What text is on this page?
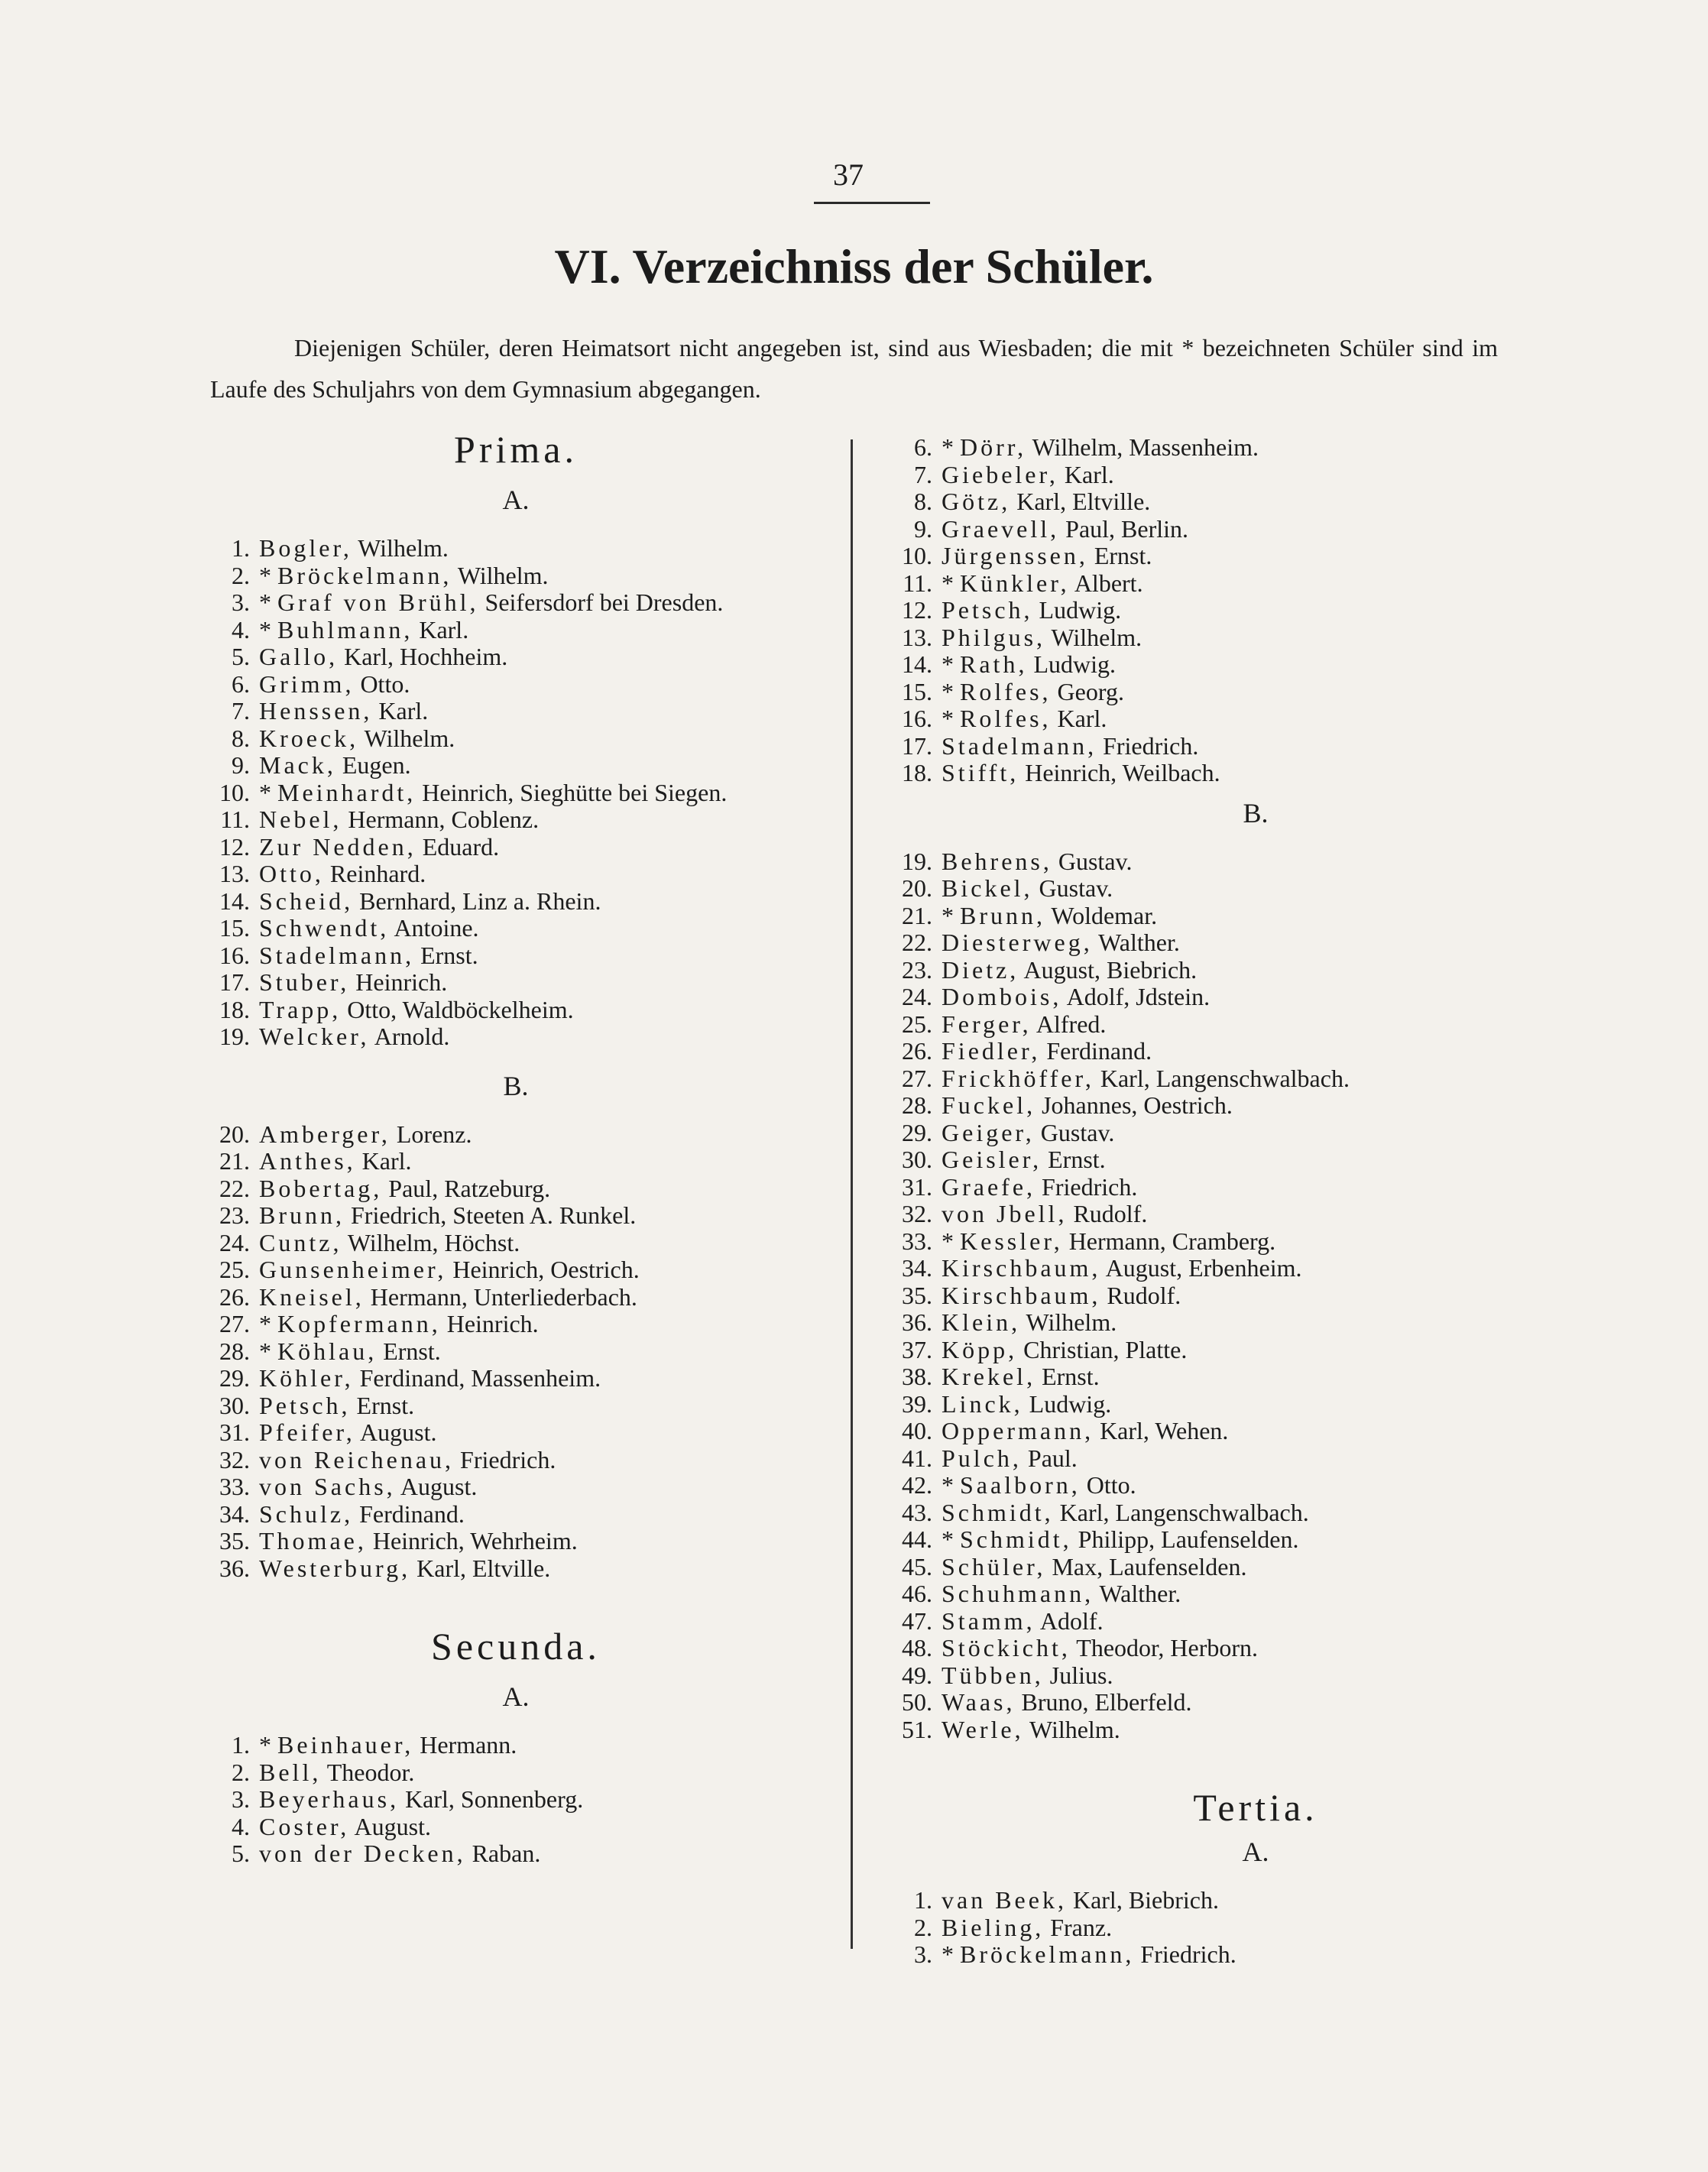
37
VI. Verzeichniss der Schüler.
Diejenigen Schüler, deren Heimatsort nicht angegeben ist, sind aus Wiesbaden; die mit * bezeichneten Schüler sind im Laufe des Schuljahrs von dem Gymnasium abgegangen.
Prima.
A.
1. Bogler, Wilhelm.
2. * Bröckelmann, Wilhelm.
3. * Graf von Brühl, Seifersdorf bei Dresden.
4. * Buhlmann, Karl.
5. Gallo, Karl, Hochheim.
6. Grimm, Otto.
7. Henssen, Karl.
8. Kroeck, Wilhelm.
9. Mack, Eugen.
10. * Meinhardt, Heinrich, Sieghütte bei Siegen.
11. Nebel, Hermann, Coblenz.
12. Zur Nedden, Eduard.
13. Otto, Reinhard.
14. Scheid, Bernhard, Linz a. Rhein.
15. Schwendt, Antoine.
16. Stadelmann, Ernst.
17. Stuber, Heinrich.
18. Trapp, Otto, Waldböckelheim.
19. Welcker, Arnold.
B.
20. Amberger, Lorenz.
21. Anthes, Karl.
22. Bobertag, Paul, Ratzeburg.
23. Brunn, Friedrich, Steeten A. Runkel.
24. Cuntz, Wilhelm, Höchst.
25. Gunsenheimer, Heinrich, Oestrich.
26. Kneisel, Hermann, Unterliederbach.
27. * Kopfermann, Heinrich.
28. * Köhlau, Ernst.
29. Köhler, Ferdinand, Massenheim.
30. Petsch, Ernst.
31. Pfeifer, August.
32. von Reichenau, Friedrich.
33. von Sachs, August.
34. Schulz, Ferdinand.
35. Thomae, Heinrich, Wehrheim.
36. Westerburg, Karl, Eltville.
Secunda.
A.
1. * Beinhauer, Hermann.
2. Bell, Theodor.
3. Beyerhaus, Karl, Sonnenberg.
4. Coster, August.
5. von der Decken, Raban.
6. * Dörr, Wilhelm, Massenheim.
7. Giebeler, Karl.
8. Götz, Karl, Eltville.
9. Graevell, Paul, Berlin.
10. Jürgenssen, Ernst.
11. * Künkler, Albert.
12. Petsch, Ludwig.
13. Philgus, Wilhelm.
14. * Rath, Ludwig.
15. * Rolfes, Georg.
16. * Rolfes, Karl.
17. Stadelmann, Friedrich.
18. Stifft, Heinrich, Weilbach.
B.
19. Behrens, Gustav.
20. Bickel, Gustav.
21. * Brunn, Woldemar.
22. Diesterweg, Walther.
23. Dietz, August, Biebrich.
24. Dombois, Adolf, Jdstein.
25. Ferger, Alfred.
26. Fiedler, Ferdinand.
27. Frickhöffer, Karl, Langenschwalbach.
28. Fuckel, Johannes, Oestrich.
29. Geiger, Gustav.
30. Geisler, Ernst.
31. Graefe, Friedrich.
32. von Jbell, Rudolf.
33. * Kessler, Hermann, Cramberg.
34. Kirschbaum, August, Erbenheim.
35. Kirschbaum, Rudolf.
36. Klein, Wilhelm.
37. Köpp, Christian, Platte.
38. Krekel, Ernst.
39. Linck, Ludwig.
40. Oppermann, Karl, Wehen.
41. Pulch, Paul.
42. * Saalborn, Otto.
43. Schmidt, Karl, Langenschwalbach.
44. * Schmidt, Philipp, Laufenselden.
45. Schüler, Max, Laufenselden.
46. Schuhmann, Walther.
47. Stamm, Adolf.
48. Stöckicht, Theodor, Herborn.
49. Tübben, Julius.
50. Waas, Bruno, Elberfeld.
51. Werle, Wilhelm.
Tertia.
A.
1. van Beek, Karl, Biebrich.
2. Bieling, Franz.
3. * Bröckelmann, Friedrich.
